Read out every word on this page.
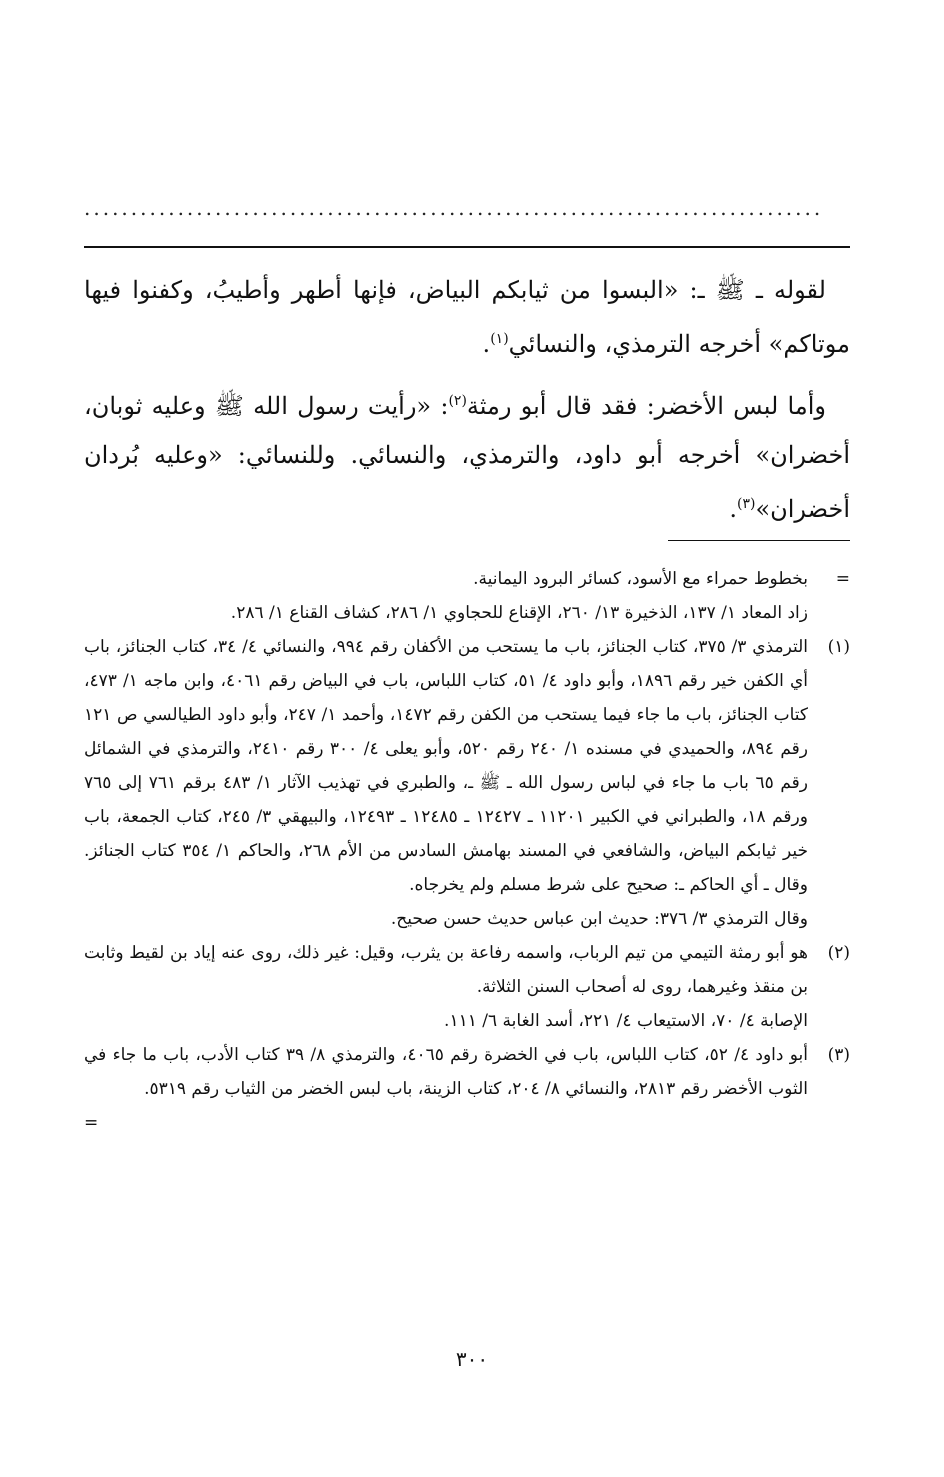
...............................................................................

لقوله ـ ﷺ ـ: «البسوا من ثيابكم البياض، فإنها أطهر وأطيبُ، وكفنوا فيها موتاكم» أخرجه الترمذي، والنسائي$^{(١)}$.

وأما لبس الأخضر: فقد قال أبو رمثة$^{(٢)}$: «رأيت رسول الله ﷺ وعليه ثوبان، أخضران» أخرجه أبو داود، والترمذي، والنسائي. وللنسائي: «وعليه بُردان أخضران»$^{(٣)}$.

=
بخطوط حمراء مع الأسود، كسائر البرود اليمانية.
زاد المعاد ١/ ١٣٧، الذخيرة ١٣/ ٢٦٠، الإقناع للحجاوي ١/ ٢٨٦، كشاف القناع ١/ ٢٨٦.
(١)
الترمذي ٣/ ٣٧٥، كتاب الجنائز، باب ما يستحب من الأكفان رقم ٩٩٤، والنسائي ٤/ ٣٤، كتاب الجنائز، باب أي الكفن خير رقم ١٨٩٦، وأبو داود ٤/ ٥١، كتاب اللباس، باب في البياض رقم ٤٠٦١، وابن ماجه ١/ ٤٧٣، كتاب الجنائز، باب ما جاء فيما يستحب من الكفن رقم ١٤٧٢، وأحمد ١/ ٢٤٧، وأبو داود الطيالسي ص ١٢١ رقم ٨٩٤، والحميدي في مسنده ١/ ٢٤٠ رقم ٥٢٠، وأبو يعلى ٤/ ٣٠٠ رقم ٢٤١٠، والترمذي في الشمائل رقم ٦٥ باب ما جاء في لباس رسول الله ـ ﷺ ـ، والطبري في تهذيب الآثار ١/ ٤٨٣ برقم ٧٦١ إلى ٧٦٥ ورقم ١٨، والطبراني في الكبير ١١٢٠١ ـ ١٢٤٢٧ ـ ١٢٤٨٥ ـ ١٢٤٩٣، والبيهقي ٣/ ٢٤٥، كتاب الجمعة، باب خير ثيابكم البياض، والشافعي في المسند بهامش السادس من الأم ٢٦٨، والحاكم ١/ ٣٥٤ كتاب الجنائز. وقال ـ أي الحاكم ـ: صحيح على شرط مسلم ولم يخرجاه.
وقال الترمذي ٣/ ٣٧٦: حديث ابن عباس حديث حسن صحيح.
(٢)
هو أبو رمثة التيمي من تيم الرباب، واسمه رفاعة بن يثرب، وقيل: غير ذلك، روى عنه إياد بن لقيط وثابت بن منقذ وغيرهما، روى له أصحاب السنن الثلاثة.
الإصابة ٤/ ٧٠، الاستيعاب ٤/ ٢٢١، أسد الغابة ٦/ ١١١.
(٣)
أبو داود ٤/ ٥٢، كتاب اللباس، باب في الخضرة رقم ٤٠٦٥، والترمذي ٨/ ٣٩ كتاب الأدب، باب ما جاء في الثوب الأخضر رقم ٢٨١٣، والنسائي ٨/ ٢٠٤، كتاب الزينة، باب لبس الخضر من الثياب رقم ٥٣١٩.
=
٣٠٠
